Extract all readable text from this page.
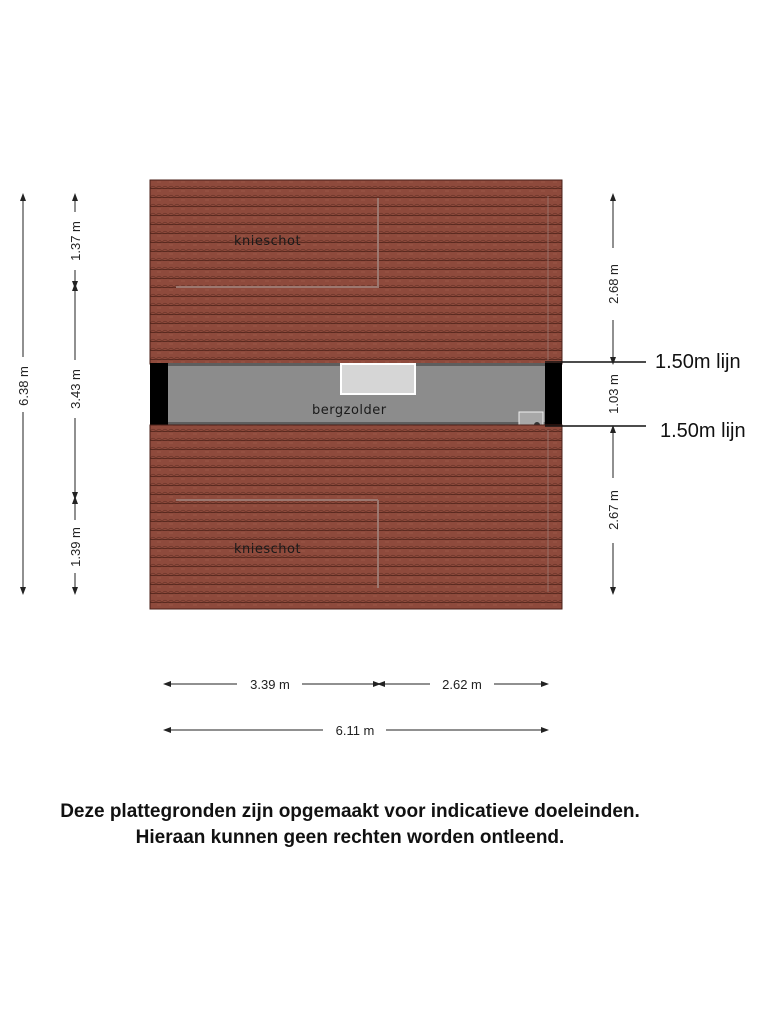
knieschot
bergzolder
knieschot
1.50m lijn
1.50m lijn
6.38 m
1.37 m
3.43 m
1.39 m
2.68 m
1.03 m
2.67 m
3.39 m	2.62 m
6.11 m

Deze plattegronden zijn opgemaakt voor indicatieve doeleinden.

Hieraan kunnen geen rechten worden ontleend.
